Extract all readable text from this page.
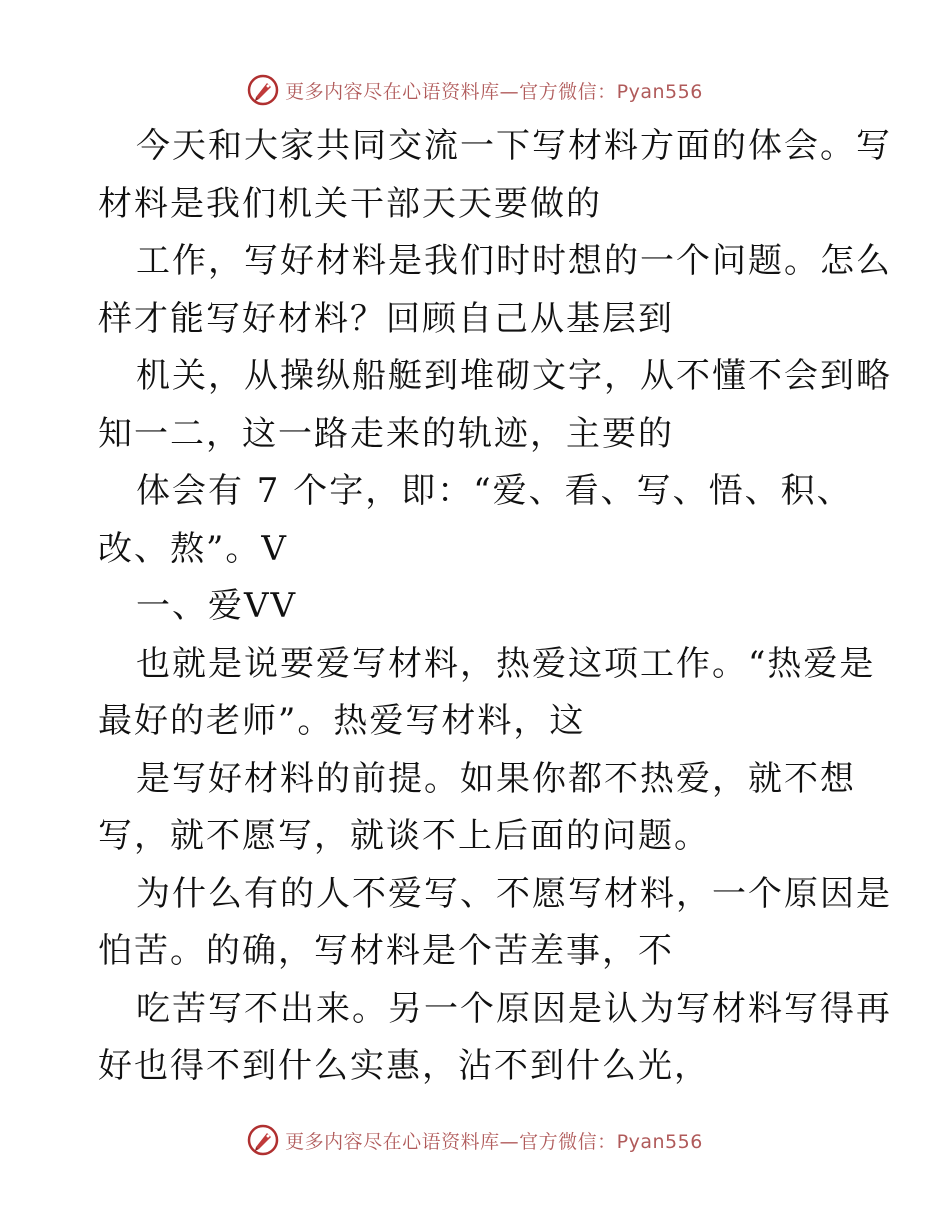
更多内容尽在心语资料库—官方微信：Pyan556
今天和大家共同交流一下写材料方面的体会。写
材料是我们机关干部天天要做的
工作，写好材料是我们时时想的一个问题。怎么
样才能写好材料？回顾自己从基层到
机关，从操纵船艇到堆砌文字，从不懂不会到略
知一二，这一路走来的轨迹，主要的
体会有 7 个字，即：“爱、看、写、悟、积、
改、熬”。V
一、爱VV
也就是说要爱写材料，热爱这项工作。“热爱是
最好的老师”。热爱写材料，这
是写好材料的前提。如果你都不热爱，就不想
写，就不愿写，就谈不上后面的问题。
为什么有的人不爱写、不愿写材料，一个原因是
怕苦。的确，写材料是个苦差事，不
吃苦写不出来。另一个原因是认为写材料写得再
好也得不到什么实惠，沾不到什么光，
更多内容尽在心语资料库—官方微信：Pyan556
